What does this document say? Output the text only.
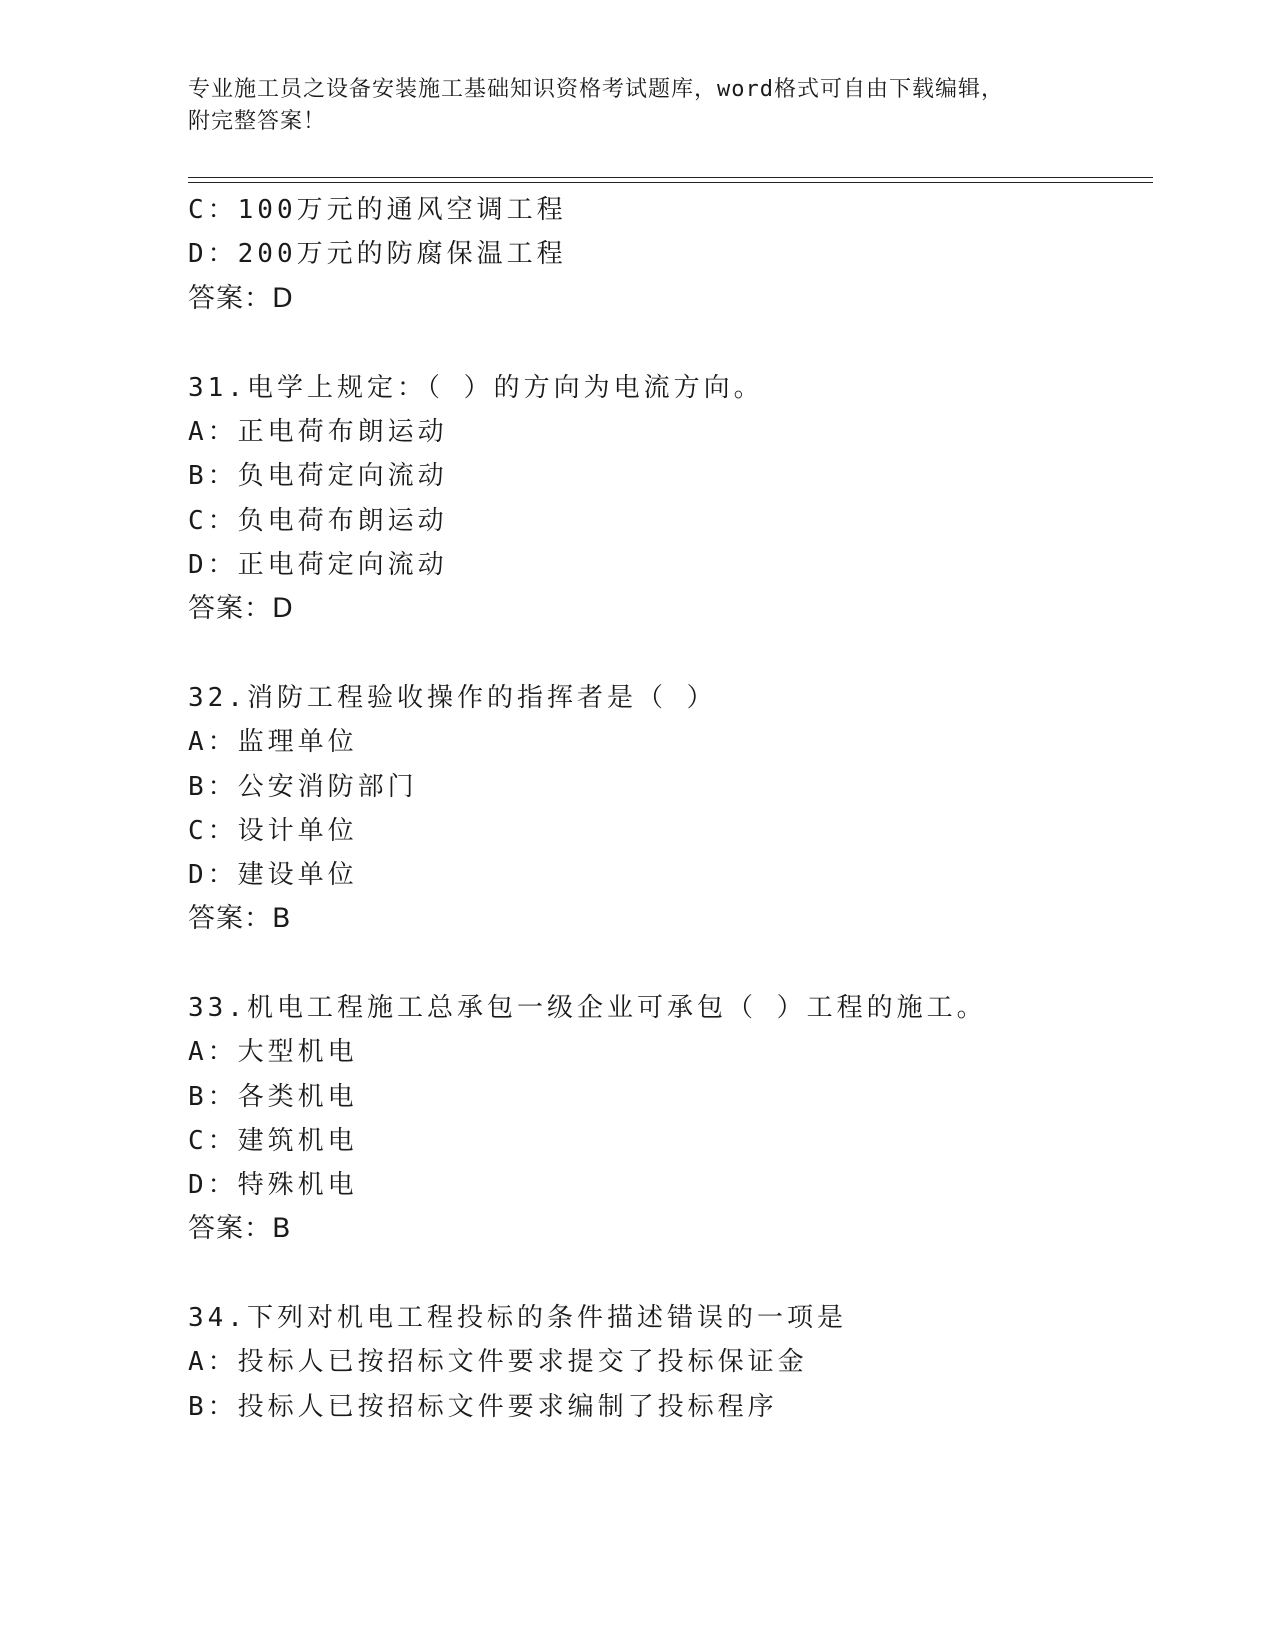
专业施工员之设备安装施工基础知识资格考试题库，word格式可自由下载编辑，
附完整答案！
C：100万元的通风空调工程
D：200万元的防腐保温工程
答案：D
31.电学上规定：（ ）的方向为电流方向。
A：正电荷布朗运动
B：负电荷定向流动
C：负电荷布朗运动
D：正电荷定向流动
答案：D
32.消防工程验收操作的指挥者是（ ）
A：监理单位
B：公安消防部门
C：设计单位
D：建设单位
答案：B
33.机电工程施工总承包一级企业可承包（ ）工程的施工。
A：大型机电
B：各类机电
C：建筑机电
D：特殊机电
答案：B
34.下列对机电工程投标的条件描述错误的一项是
A：投标人已按招标文件要求提交了投标保证金
B：投标人已按招标文件要求编制了投标程序
